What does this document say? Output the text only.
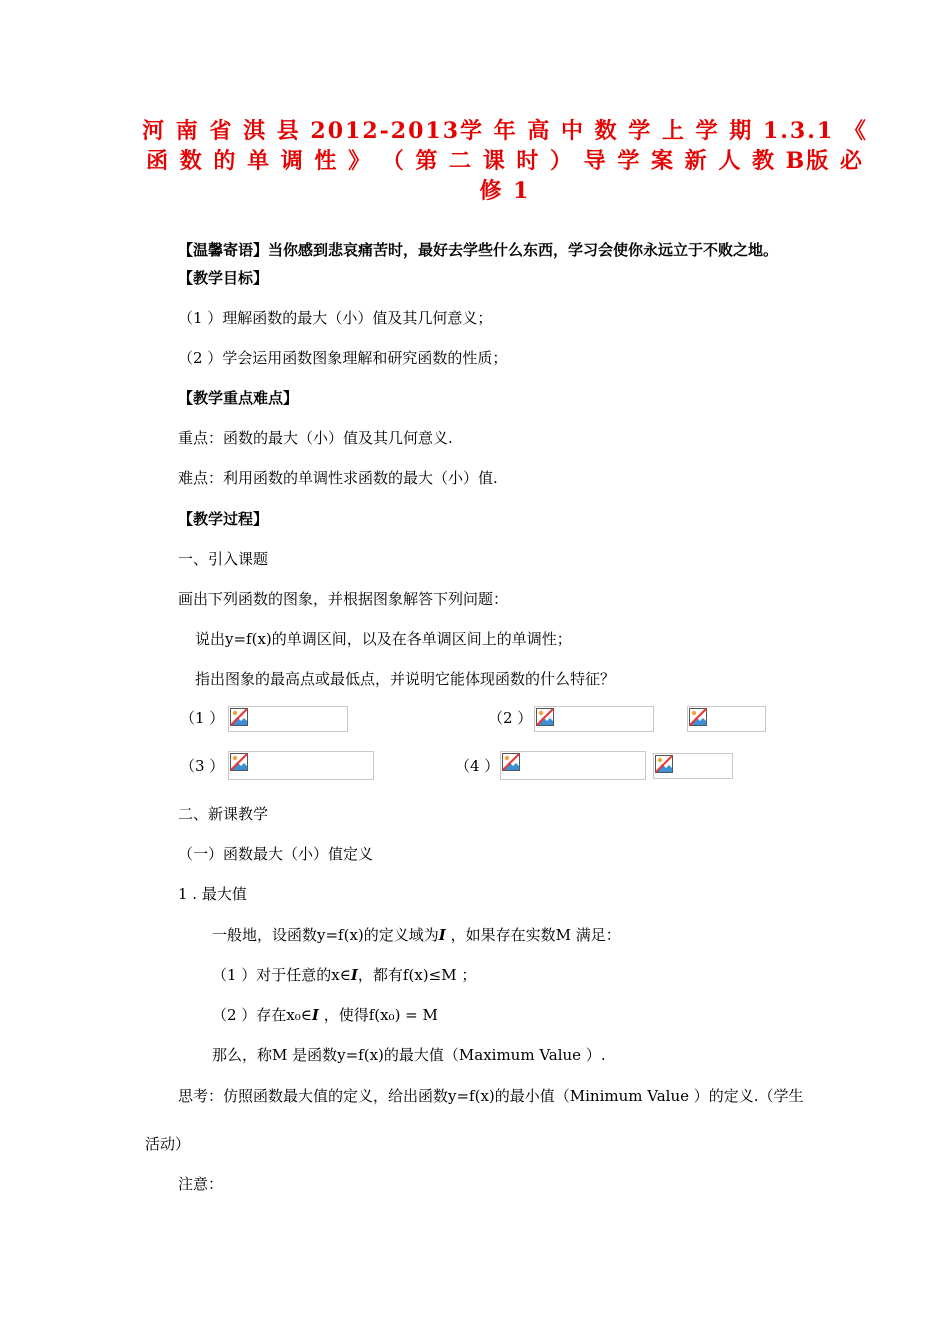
河 南 省 淇 县 2012-2013学 年 高 中 数 学 上 学 期 1.3.1 《 函 数 的 单 调 性 》 （ 第 二 课 时 ） 导 学 案 新 人 教 B版 必 修 1
【温馨寄语】当你感到悲哀痛苦时，最好去学些什么东西，学习会使你永远立于不败之地。
【教学目标】
（1 ）理解函数的最大（小）值及其几何意义；
（2 ）学会运用函数图象理解和研究函数的性质；
【教学重点难点】
重点：函数的最大（小）值及其几何意义.
难点：利用函数的单调性求函数的最大（小）值.
【教学过程】
一、引入课题
画出下列函数的图象，并根据图象解答下列问题：
说出y=f(x)的单调区间，以及在各单调区间上的单调性；
指出图象的最高点或最低点，并说明它能体现函数的什么特征？
（1 ）	（2 ）
（3 ）	（4 ）
二、新课教学
（一）函数最大（小）值定义
1 . 最大值
一般地，设函数y=f(x)的定义域为I ，如果存在实数M 满足：
（1 ）对于任意的x∈I，都有f(x)≤M ；
（2 ）存在x₀∈I ，使得f(x₀) = M
那么，称M 是函数y=f(x)的最大值（Maximum Value ）.
思考：仿照函数最大值的定义，给出函数y=f(x)的最小值（Minimum Value ）的定义.（学生
活动）
注意：
